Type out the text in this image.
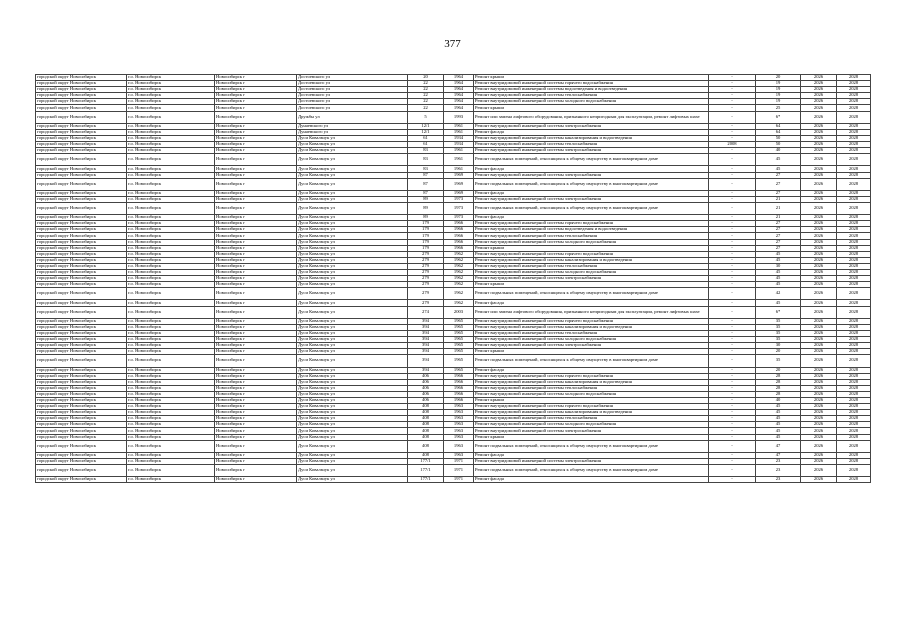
377
городской округ Новосибирск	г.о. Новосибирск	Новосибирск г	Достоевского ул	20	1964	Ремонт крыши	-	20	2026	2028
городской округ Новосибирск	г.о. Новосибирск	Новосибирск г	Достоевского ул	22	1964	Ремонт внутридомовой инженерной системы горячего водоснабжения	-	19	2026	2028
городской округ Новосибирск	г.о. Новосибирск	Новосибирск г	Достоевского ул	22	1964	Ремонт внутридомовой инженерной системы водоотведения и водоотведения	-	19	2026	2028
городской округ Новосибирск	г.о. Новосибирск	Новосибирск г	Достоевского ул	22	1964	Ремонт внутридомовой инженерной системы теплоснабжения	-	19	2026	2028
городской округ Новосибирск	г.о. Новосибирск	Новосибирск г	Достоевского ул	22	1964	Ремонт внутридомовой инженерной системы холодного водоснабжения	-	19	2026	2028
городской округ Новосибирск	г.о. Новосибирск	Новосибирск г	Достоевского ул	22	1964	Ремонт крыши	-	25	2026	2028
городской округ Новосибирск	г.о. Новосибирск	Новосибирск г	Дружбы ул	5	1993	Ремонт или замена лифтового оборудования, признанного непригодным для эксплуатации, ремонт лифтовых шахт	-	6*	2026	2028
городской округ Новосибирск	г.о. Новосибирск	Новосибирск г	Дунаевского ул	12/1	1961	Ремонт внутридомовой инженерной системы электроснабжения	-	64	2026	2028
городской округ Новосибирск	г.о. Новосибирск	Новосибирск г	Дунаевского ул	12/1	1961	Ремонт фасада	-	64	2026	2028
городской округ Новосибирск	г.о. Новосибирск	Новосибирск г	Дуси Ковальчук ул	61	1934	Ремонт внутридомовой инженерной системы канализирования и водоотведения	-	50	2026	2028
городской округ Новосибирск	г.о. Новосибирск	Новосибирск г	Дуси Ковальчук ул	61	1934	Ремонт внутридомовой инженерной системы теплоснабжения	2008	50	2026	2028
городской округ Новосибирск	г.о. Новосибирск	Новосибирск г	Дуси Ковальчук ул	83	1961	Ремонт внутридомовой инженерной системы электроснабжения	-	40	2026	2028
городской округ Новосибирск	г.о. Новосибирск	Новосибирск г	Дуси Ковальчук ул	83	1961	Ремонт подвальных помещений, относящихся к общему имуществу в многоквартирном доме	-	45	2026	2028
городской округ Новосибирск	г.о. Новосибирск	Новосибирск г	Дуси Ковальчук ул	83	1961	Ремонт фасада	-	45	2026	2028
городской округ Новосибирск	г.о. Новосибирск	Новосибирск г	Дуси Ковальчук ул	87	1969	Ремонт внутридомовой инженерной системы электроснабжения	-	27	2026	2028
городской округ Новосибирск	г.о. Новосибирск	Новосибирск г	Дуси Ковальчук ул	87	1969	Ремонт подвальных помещений, относящихся к общему имуществу в многоквартирном доме	-	27	2026	2028
городской округ Новосибирск	г.о. Новосибирск	Новосибирск г	Дуси Ковальчук ул	87	1969	Ремонт фасада	-	27	2026	2028
городской округ Новосибирск	г.о. Новосибирск	Новосибирск г	Дуси Ковальчук ул	89	1973	Ремонт внутридомовой инженерной системы электроснабжения	-	21	2026	2028
городской округ Новосибирск	г.о. Новосибирск	Новосибирск г	Дуси Ковальчук ул	89	1973	Ремонт подвальных помещений, относящихся к общему имуществу в многоквартирном доме	-	21	2026	2028
городской округ Новосибирск	г.о. Новосибирск	Новосибирск г	Дуси Ковальчук ул	89	1973	Ремонт фасада	-	21	2026	2028
городской округ Новосибирск	г.о. Новосибирск	Новосибирск г	Дуси Ковальчук ул	179	1966	Ремонт внутридомовой инженерной системы горячего водоснабжения	-	27	2026	2028
городской округ Новосибирск	г.о. Новосибирск	Новосибирск г	Дуси Ковальчук ул	179	1966	Ремонт внутридомовой инженерной системы водоотведения и водоотведения	-	27	2026	2028
городской округ Новосибирск	г.о. Новосибирск	Новосибирск г	Дуси Ковальчук ул	179	1966	Ремонт внутридомовой инженерной системы теплоснабжения	-	27	2026	2028
городской округ Новосибирск	г.о. Новосибирск	Новосибирск г	Дуси Ковальчук ул	179	1966	Ремонт внутридомовой инженерной системы холодного водоснабжения	-	27	2026	2028
городской округ Новосибирск	г.о. Новосибирск	Новосибирск г	Дуси Ковальчук ул	179	1966	Ремонт крыши	-	27	2026	2028
городской округ Новосибирск	г.о. Новосибирск	Новосибирск г	Дуси Ковальчук ул	279	1962	Ремонт внутридомовой инженерной системы горячего водоснабжения	-	45	2026	2028
городской округ Новосибирск	г.о. Новосибирск	Новосибирск г	Дуси Ковальчук ул	279	1962	Ремонт внутридомовой инженерной системы канализирования и водоотведения	-	45	2026	2028
городской округ Новосибирск	г.о. Новосибирск	Новосибирск г	Дуси Ковальчук ул	279	1962	Ремонт внутридомовой инженерной системы теплоснабжения	-	30	2026	2028
городской округ Новосибирск	г.о. Новосибирск	Новосибирск г	Дуси Ковальчук ул	279	1962	Ремонт внутридомовой инженерной системы холодного водоснабжения	-	45	2026	2028
городской округ Новосибирск	г.о. Новосибирск	Новосибирск г	Дуси Ковальчук ул	279	1962	Ремонт внутридомовой инженерной системы электроснабжения	-	45	2026	2028
городской округ Новосибирск	г.о. Новосибирск	Новосибирск г	Дуси Ковальчук ул	279	1962	Ремонт крыши	-	45	2026	2028
городской округ Новосибирск	г.о. Новосибирск	Новосибирск г	Дуси Ковальчук ул	279	1962	Ремонт подвальных помещений, относящихся к общему имуществу в многоквартирном доме	-	42	2026	2028
городской округ Новосибирск	г.о. Новосибирск	Новосибирск г	Дуси Ковальчук ул	279	1962	Ремонт фасада	-	45	2026	2028
городской округ Новосибирск	г.о. Новосибирск	Новосибирск г	Дуси Ковальчук ул	274	2003	Ремонт или замена лифтового оборудования, признанного непригодным для эксплуатации, ремонт лифтовых шахт	-	6*	2026	2028
городской округ Новосибирск	г.о. Новосибирск	Новосибирск г	Дуси Ковальчук ул	394	1965	Ремонт внутридомовой инженерной системы горячего водоснабжения	-	35	2026	2028
городской округ Новосибирск	г.о. Новосибирск	Новосибирск г	Дуси Ковальчук ул	394	1965	Ремонт внутридомовой инженерной системы канализирования и водоотведения	-	35	2026	2028
городской округ Новосибирск	г.о. Новосибирск	Новосибирск г	Дуси Ковальчук ул	394	1965	Ремонт внутридомовой инженерной системы теплоснабжения	-	35	2026	2028
городской округ Новосибирск	г.о. Новосибирск	Новосибирск г	Дуси Ковальчук ул	394	1965	Ремонт внутридомовой инженерной системы холодного водоснабжения	-	35	2026	2028
городской округ Новосибирск	г.о. Новосибирск	Новосибирск г	Дуси Ковальчук ул	394	1965	Ремонт внутридомовой инженерной системы электроснабжения	-	30	2026	2028
городской округ Новосибирск	г.о. Новосибирск	Новосибирск г	Дуси Ковальчук ул	394	1965	Ремонт крыши	-	20	2026	2028
городской округ Новосибирск	г.о. Новосибирск	Новосибирск г	Дуси Ковальчук ул	394	1965	Ремонт подвальных помещений, относящихся к общему имуществу в многоквартирном доме	-	35	2026	2028
городской округ Новосибирск	г.о. Новосибирск	Новосибирск г	Дуси Ковальчук ул	394	1965	Ремонт фасада	-	20	2026	2028
городской округ Новосибирск	г.о. Новосибирск	Новосибирск г	Дуси Ковальчук ул	406	1966	Ремонт внутридомовой инженерной системы горячего водоснабжения	-	28	2026	2028
городской округ Новосибирск	г.о. Новосибирск	Новосибирск г	Дуси Ковальчук ул	406	1966	Ремонт внутридомовой инженерной системы канализирования и водоотведения	-	28	2026	2028
городской округ Новосибирск	г.о. Новосибирск	Новосибирск г	Дуси Ковальчук ул	406	1966	Ремонт внутридомовой инженерной системы теплоснабжения	-	28	2026	2028
городской округ Новосибирск	г.о. Новосибирск	Новосибирск г	Дуси Ковальчук ул	406	1966	Ремонт внутридомовой инженерной системы холодного водоснабжения	-	28	2026	2028
городской округ Новосибирск	г.о. Новосибирск	Новосибирск г	Дуси Ковальчук ул	406	1966	Ремонт крыши	-	40	2026	2028
городской округ Новосибирск	г.о. Новосибирск	Новосибирск г	Дуси Ковальчук ул	408	1963	Ремонт внутридомовой инженерной системы горячего водоснабжения	-	45	2026	2028
городской округ Новосибирск	г.о. Новосибирск	Новосибирск г	Дуси Ковальчук ул	408	1963	Ремонт внутридомовой инженерной системы канализирования и водоотведения	-	45	2026	2028
городской округ Новосибирск	г.о. Новосибирск	Новосибирск г	Дуси Ковальчук ул	408	1963	Ремонт внутридомовой инженерной системы теплоснабжения	-	45	2026	2028
городской округ Новосибирск	г.о. Новосибирск	Новосибирск г	Дуси Ковальчук ул	408	1963	Ремонт внутридомовой инженерной системы холодного водоснабжения	-	45	2026	2028
городской округ Новосибирск	г.о. Новосибирск	Новосибирск г	Дуси Ковальчук ул	408	1963	Ремонт внутридомовой инженерной системы электроснабжения	-	45	2026	2028
городской округ Новосибирск	г.о. Новосибирск	Новосибирск г	Дуси Ковальчук ул	408	1963	Ремонт крыши	-	45	2026	2028
городской округ Новосибирск	г.о. Новосибирск	Новосибирск г	Дуси Ковальчук ул	408	1963	Ремонт подвальных помещений, относящихся к общему имуществу в многоквартирном доме	-	47	2026	2028
городской округ Новосибирск	г.о. Новосибирск	Новосибирск г	Дуси Ковальчук ул	408	1963	Ремонт фасада	-	47	2026	2028
городской округ Новосибирск	г.о. Новосибирск	Новосибирск г	Дуси Ковальчук ул	177/1	1971	Ремонт внутридомовой инженерной системы электроснабжения	-	23	2026	2028
городской округ Новосибирск	г.о. Новосибирск	Новосибирск г	Дуси Ковальчук ул	177/1	1971	Ремонт подвальных помещений, относящихся к общему имуществу в многоквартирном доме	-	23	2026	2028
городской округ Новосибирск	г.о. Новосибирск	Новосибирск г	Дуси Ковальчук ул	177/1	1971	Ремонт фасада	-	23	2026	2028
